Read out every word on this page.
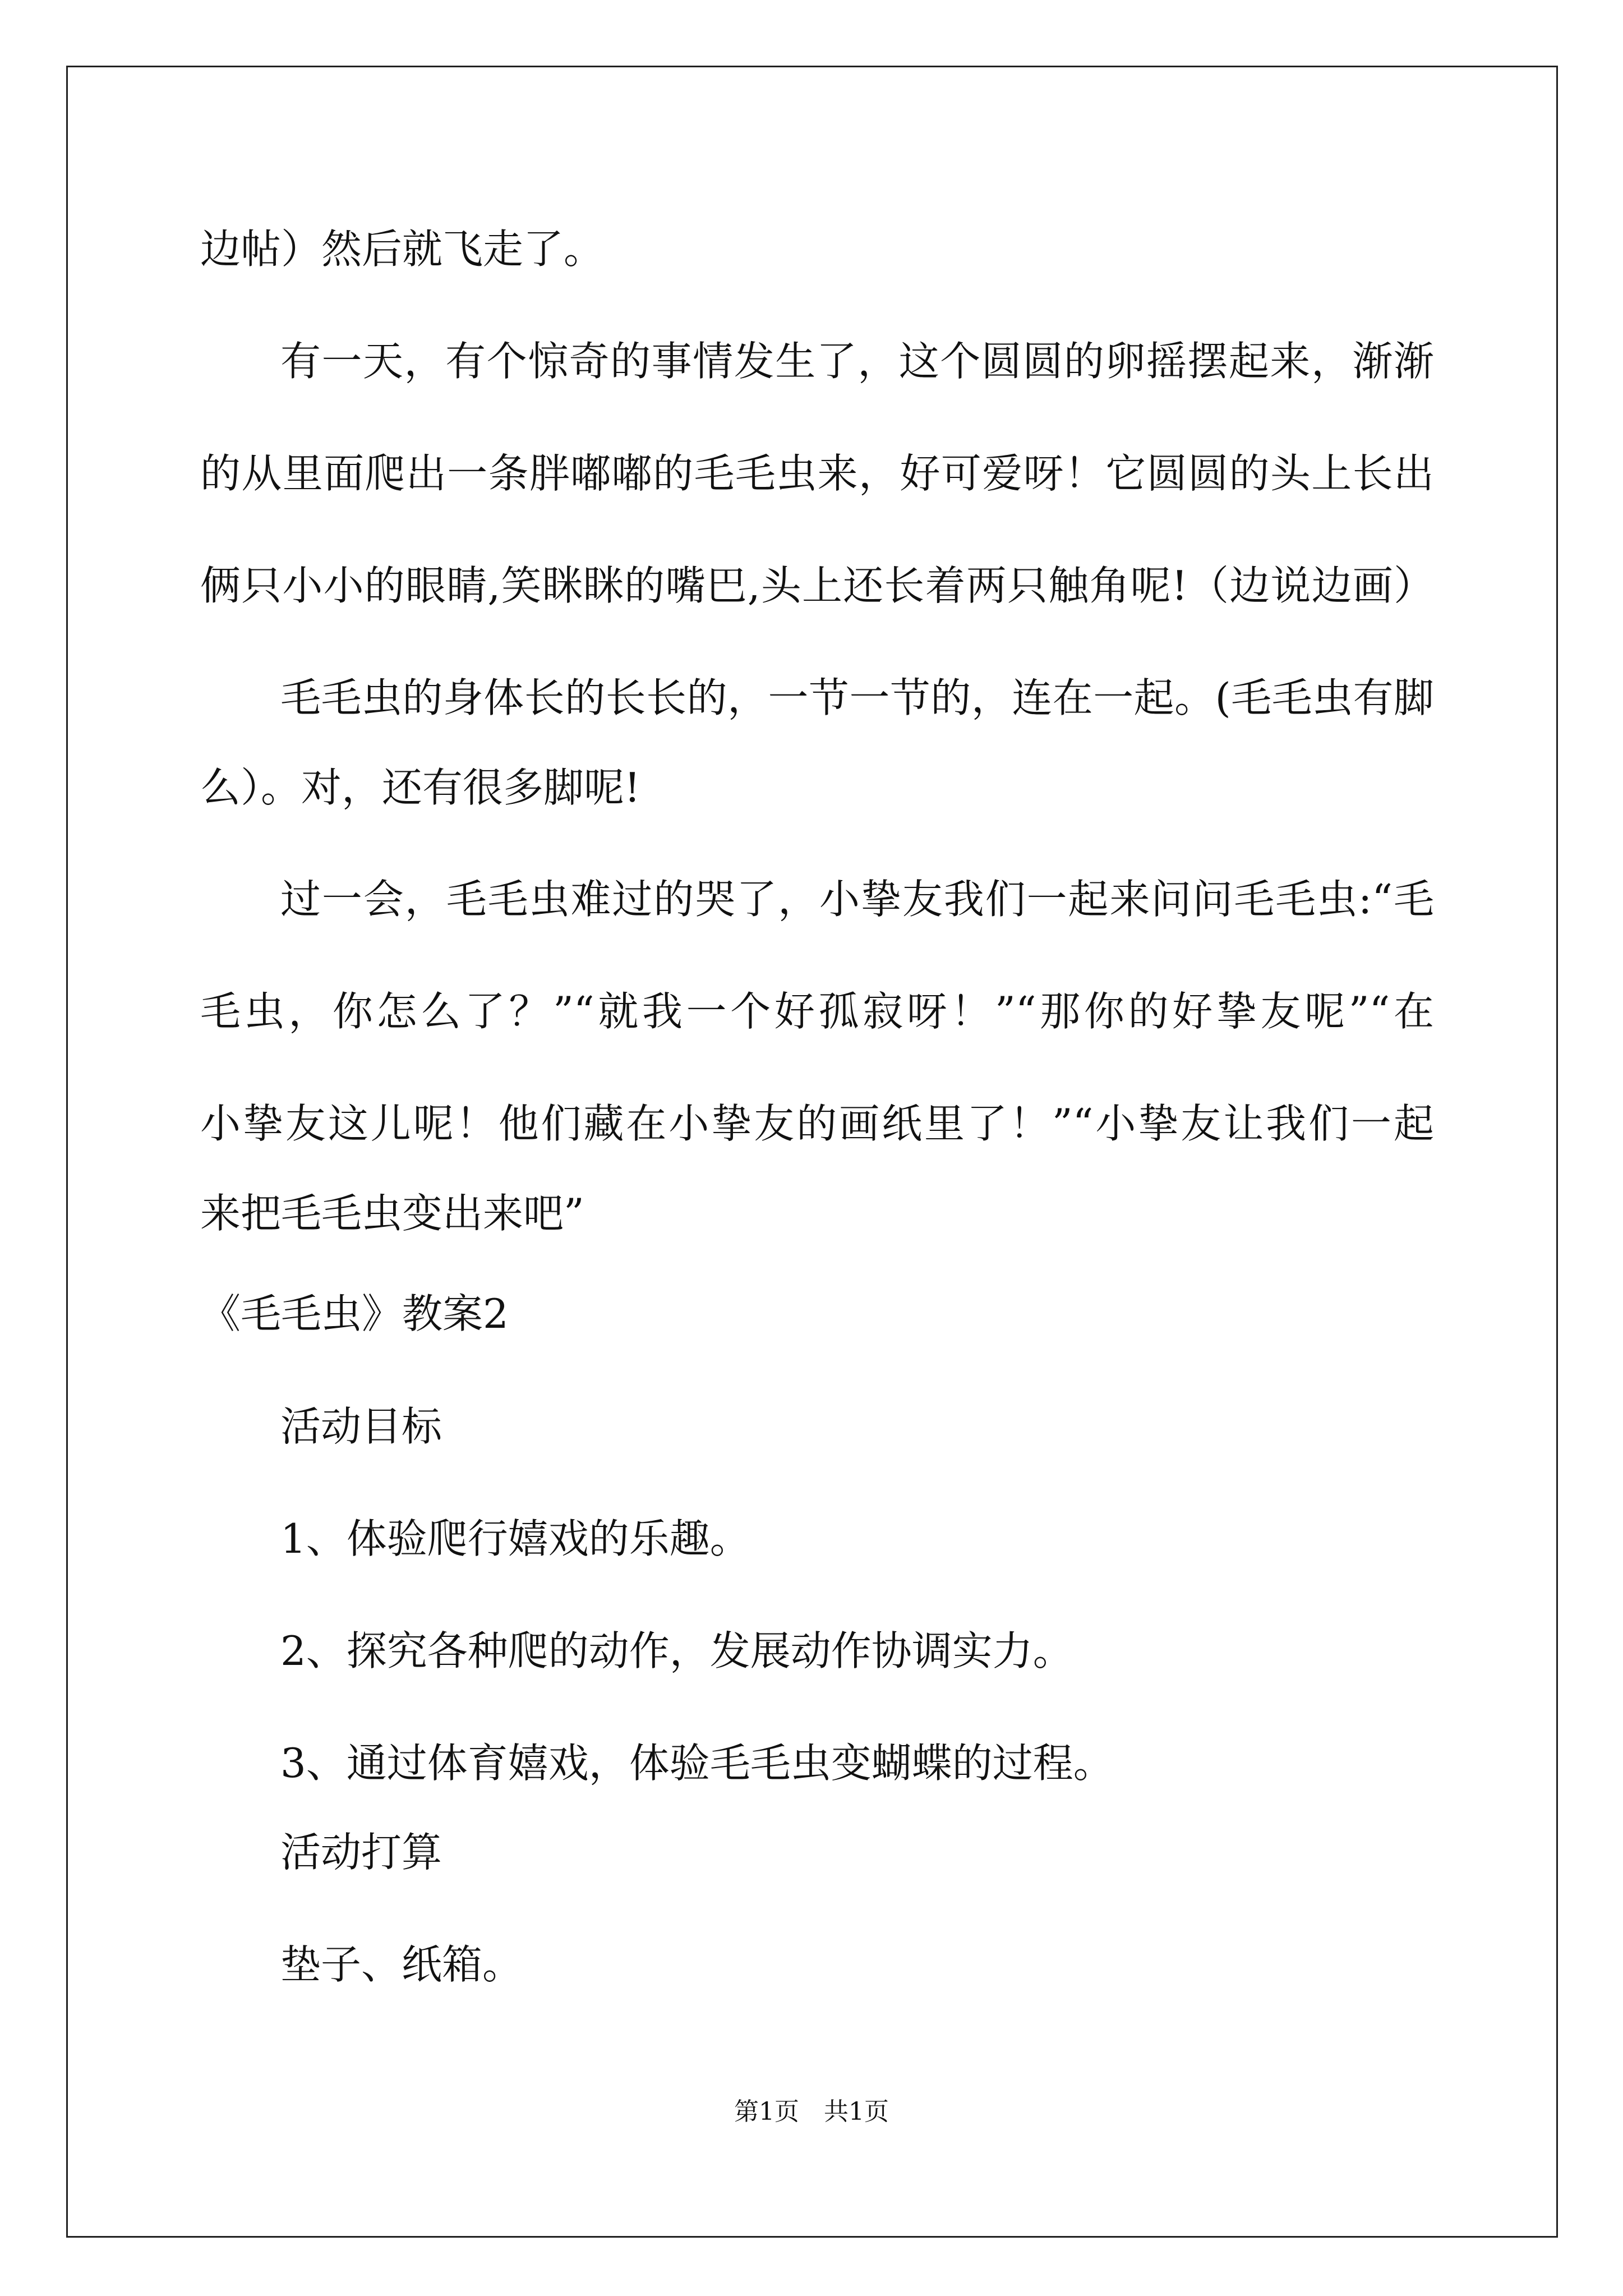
边帖）然后就飞走了。
有一天，有个惊奇的事情发生了，这个圆圆的卵摇摆起来，渐渐
的从里面爬出一条胖嘟嘟的毛毛虫来，好可爱呀！它圆圆的头上长出
俩只小小的眼睛,笑眯眯的嘴巴,头上还长着两只触角呢!（边说边画）
毛毛虫的身体长的长长的，一节一节的，连在一起。(毛毛虫有脚
么）。对，还有很多脚呢!
过一会，毛毛虫难过的哭了，小挚友我们一起来问问毛毛虫:“毛
毛虫，你怎么了？”“就我一个好孤寂呀！”“那你的好挚友呢”“在
小挚友这儿呢！他们藏在小挚友的画纸里了！”“小挚友让我们一起
来把毛毛虫变出来吧”
《毛毛虫》教案2
活动目标
1、体验爬行嬉戏的乐趣。
2、探究各种爬的动作，发展动作协调实力。
3、通过体育嬉戏，体验毛毛虫变蝴蝶的过程。
活动打算
垫子、纸箱。
第1页　共1页
